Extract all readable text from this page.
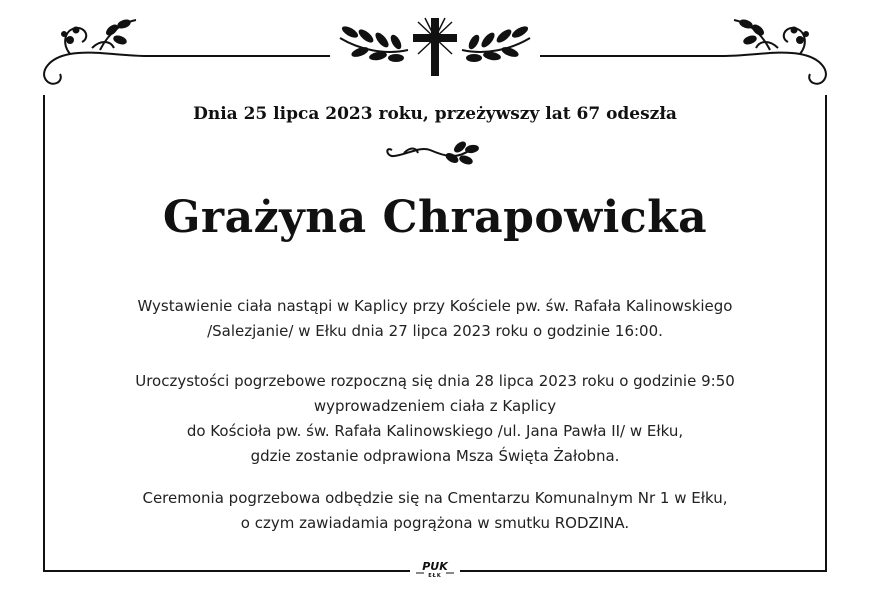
Dnia 25 lipca 2023 roku, przeżywszy lat 67 odeszła
Grażyna Chrapowicka
Wystawienie ciała nastąpi w Kaplicy przy Kościele pw. św. Rafała Kalinowskiego
/Salezjanie/ w Ełku dnia 27 lipca 2023 roku o godzinie 16:00.
Uroczystości pogrzebowe rozpoczną się dnia 28 lipca 2023 roku o godzinie 9:50
wyprowadzeniem ciała z Kaplicy
do Kościoła pw. św. Rafała Kalinowskiego /ul. Jana Pawła II/ w Ełku,
gdzie zostanie odprawiona Msza Święta Żałobna.
Ceremonia pogrzebowa odbędzie się na Cmentarzu Komunalnym Nr 1 w Ełku,
o czym zawiadamia pogrążona w smutku RODZINA.
PUK
EŁK
